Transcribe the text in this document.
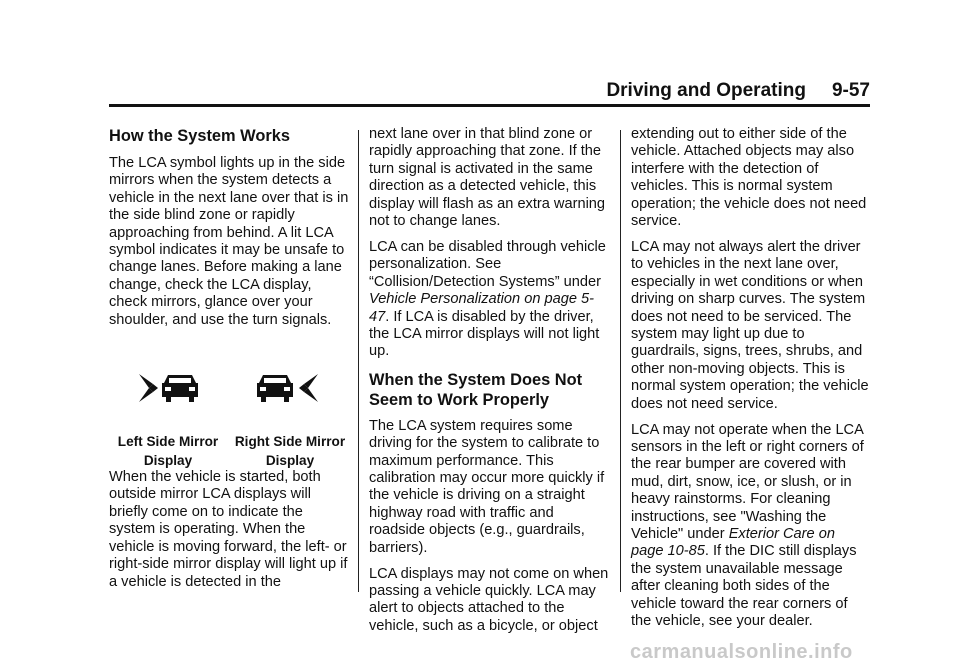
Driving and Operating 9-57
How the System Works

The LCA symbol lights up in the side mirrors when the system detects a vehicle in the next lane over that is in the side blind zone or rapidly approaching from behind. A lit LCA symbol indicates it may be unsafe to change lanes. Before making a lane change, check the LCA display, check mirrors, glance over your shoulder, and use the turn signals.

Left Side Mirror
Display
Right Side Mirror
Display

When the vehicle is started, both outside mirror LCA displays will briefly come on to indicate the system is operating. When the vehicle is moving forward, the left- or right-side mirror display will light up if a vehicle is detected in the

next lane over in that blind zone or rapidly approaching that zone. If the turn signal is activated in the same direction as a detected vehicle, this display will flash as an extra warning not to change lanes.

LCA can be disabled through vehicle personalization. See “Collision/Detection Systems” under Vehicle Personalization on page 5-47. If LCA is disabled by the driver, the LCA mirror displays will not light up.

When the System Does Not Seem to Work Properly

The LCA system requires some driving for the system to calibrate to maximum performance. This calibration may occur more quickly if the vehicle is driving on a straight highway road with traffic and roadside objects (e.g., guardrails, barriers).

LCA displays may not come on when passing a vehicle quickly. LCA may alert to objects attached to the vehicle, such as a bicycle, or object

extending out to either side of the vehicle. Attached objects may also interfere with the detection of vehicles. This is normal system operation; the vehicle does not need service.

LCA may not always alert the driver to vehicles in the next lane over, especially in wet conditions or when driving on sharp curves. The system does not need to be serviced. The system may light up due to guardrails, signs, trees, shrubs, and other non-moving objects. This is normal system operation; the vehicle does not need service.

LCA may not operate when the LCA sensors in the left or right corners of the rear bumper are covered with mud, dirt, snow, ice, or slush, or in heavy rainstorms. For cleaning instructions, see "Washing the Vehicle" under Exterior Care on page 10-85. If the DIC still displays the system unavailable message after cleaning both sides of the vehicle toward the rear corners of the vehicle, see your dealer.

carmanualsonline.info
